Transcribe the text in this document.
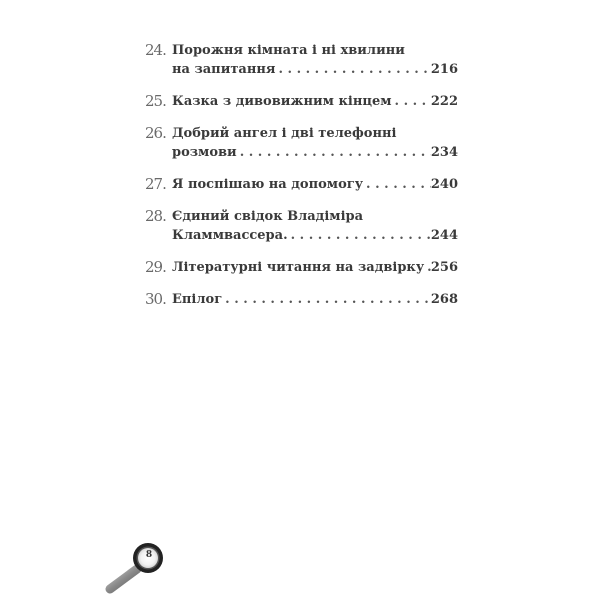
24. Порожня кімната і ні хвилини
на запитання . . .	216
25. Казка з дивовижним кінцем . . .	222
26. Добрий ангел і дві телефонні
розмови . . .	234
27. Я поспішаю на допомогу . . .	240
28. Єдиний свідок Владіміра
Кламмвассера. . . .	244
29. Літературні читання на задвірку . . . 256
30. Епілог . . .	268
8
